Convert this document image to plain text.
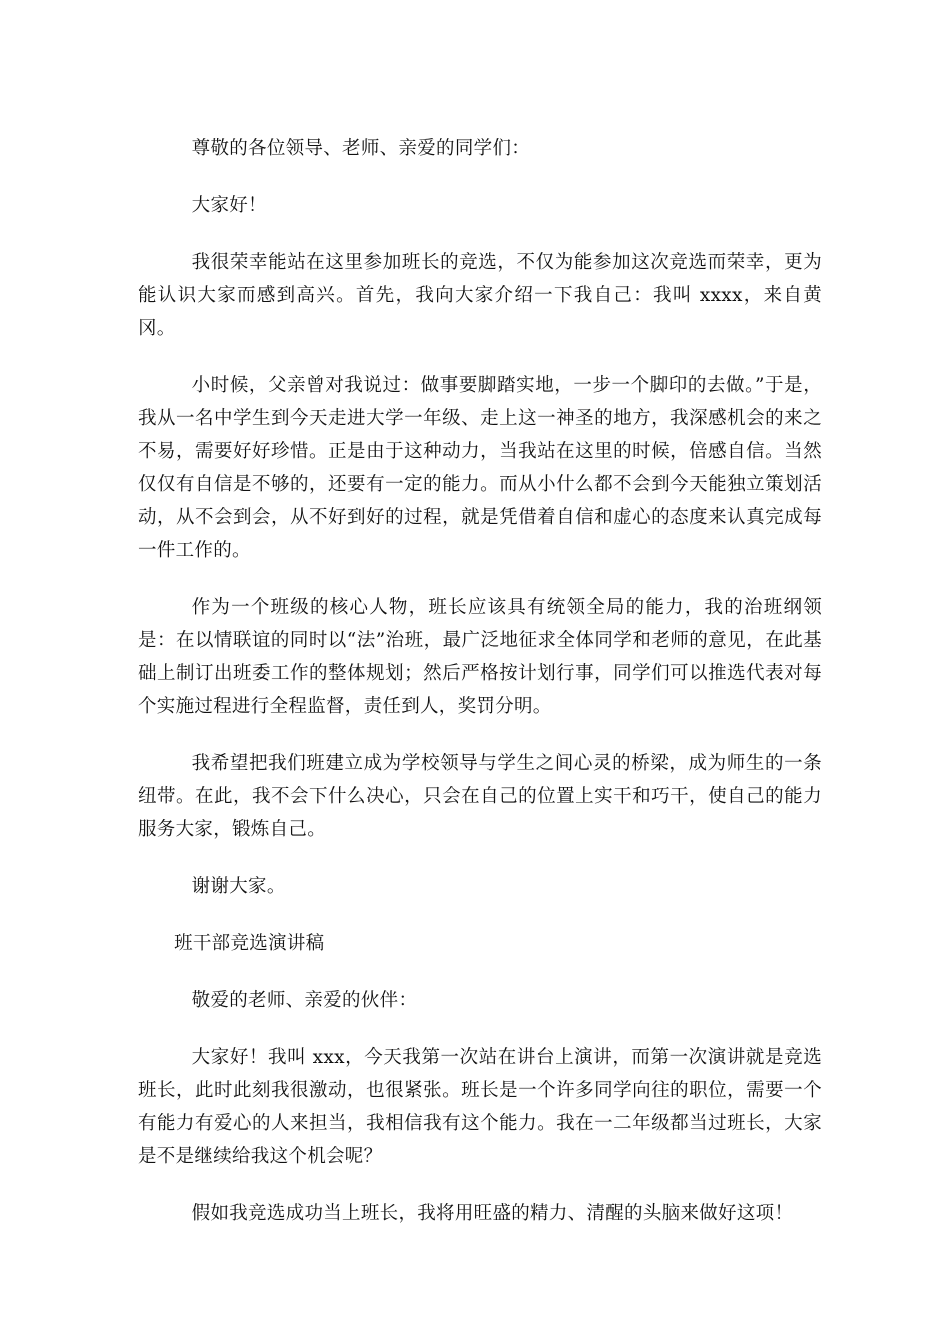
尊敬的各位领导、老师、亲爱的同学们：

大家好！

我很荣幸能站在这里参加班长的竞选，不仅为能参加这次竞选而荣幸，更为能认识大家而感到高兴。首先，我向大家介绍一下我自己：我叫 xxxx，来自黄冈。

小时候，父亲曾对我说过：做事要脚踏实地，一步一个脚印的去做。”于是，我从一名中学生到今天走进大学一年级、走上这一神圣的地方，我深感机会的来之不易，需要好好珍惜。正是由于这种动力，当我站在这里的时候，倍感自信。当然仅仅有自信是不够的，还要有一定的能力。而从小什么都不会到今天能独立策划活动，从不会到会，从不好到好的过程，就是凭借着自信和虚心的态度来认真完成每一件工作的。

作为一个班级的核心人物，班长应该具有统领全局的能力，我的治班纲领是：在以情联谊的同时以“法”治班，最广泛地征求全体同学和老师的意见，在此基础上制订出班委工作的整体规划；然后严格按计划行事，同学们可以推选代表对每个实施过程进行全程监督，责任到人，奖罚分明。

我希望把我们班建立成为学校领导与学生之间心灵的桥梁，成为师生的一条纽带。在此，我不会下什么决心，只会在自己的位置上实干和巧干，使自己的能力服务大家，锻炼自己。

谢谢大家。

班干部竞选演讲稿

敬爱的老师、亲爱的伙伴：

大家好！我叫 xxx，今天我第一次站在讲台上演讲，而第一次演讲就是竞选班长，此时此刻我很激动，也很紧张。班长是一个许多同学向往的职位，需要一个有能力有爱心的人来担当，我相信我有这个能力。我在一二年级都当过班长，大家是不是继续给我这个机会呢？

假如我竞选成功当上班长，我将用旺盛的精力、清醒的头脑来做好这项！
